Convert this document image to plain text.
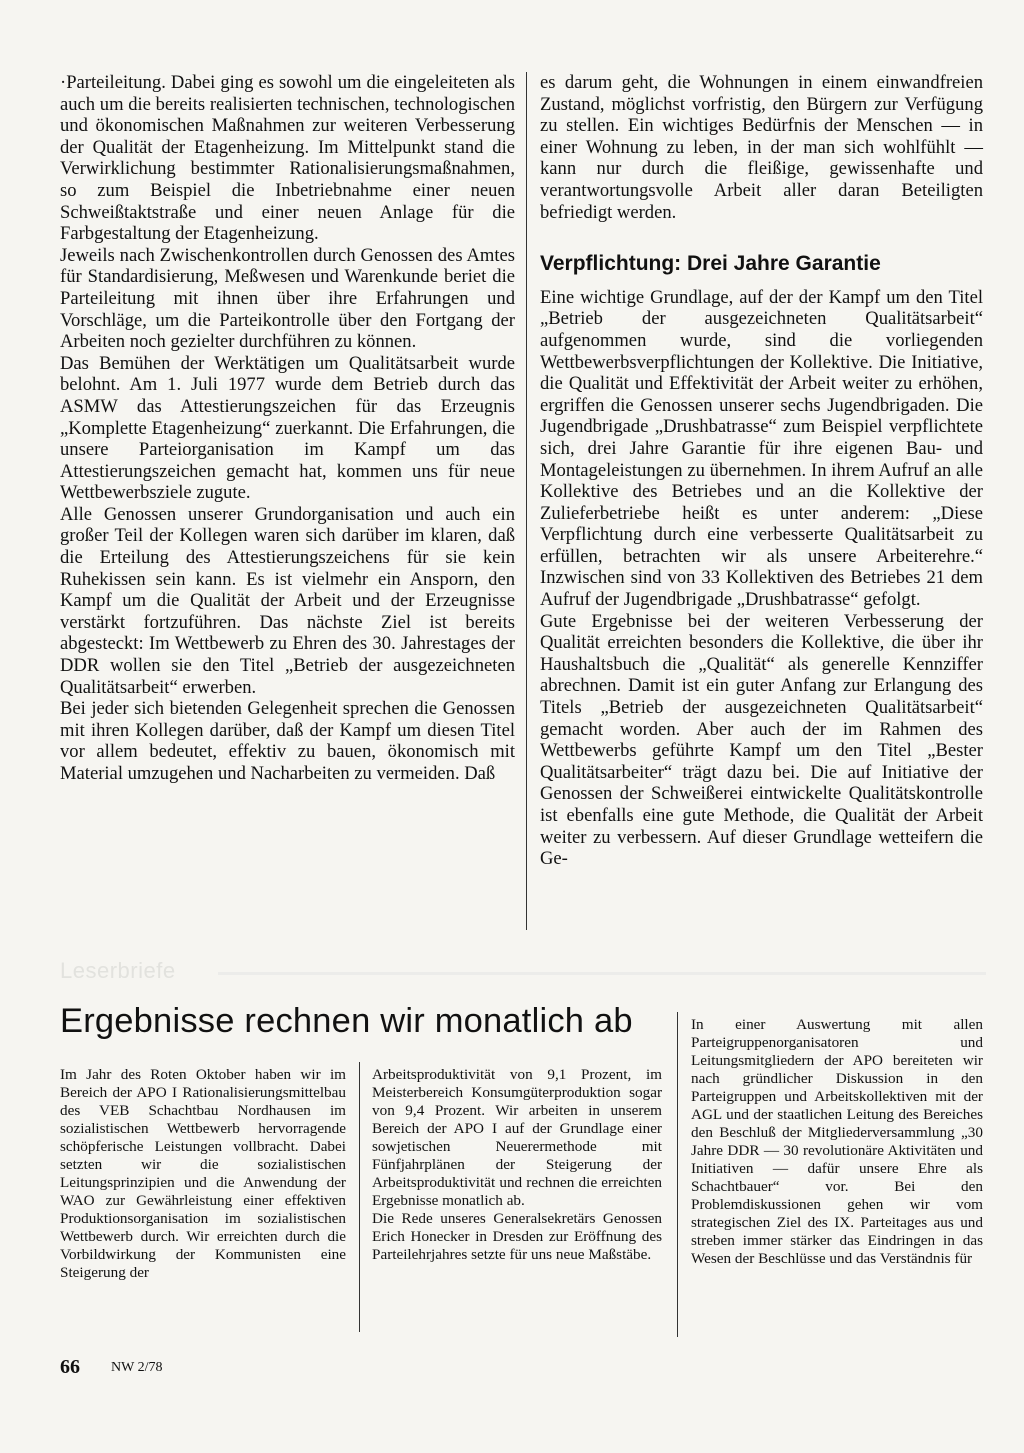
·Parteileitung. Dabei ging es sowohl um die eingeleiteten als auch um die bereits realisierten technischen, technologischen und ökonomischen Maßnahmen zur weiteren Verbesserung der Qualität der Etagenheizung. Im Mittelpunkt stand die Verwirklichung bestimmter Rationalisierungsmaßnahmen, so zum Beispiel die Inbetriebnahme einer neuen Schweißtaktstraße und einer neuen Anlage für die Farbgestaltung der Etagenheizung.

Jeweils nach Zwischenkontrollen durch Genossen des Amtes für Standardisierung, Meßwesen und Warenkunde beriet die Parteileitung mit ihnen über ihre Erfahrungen und Vorschläge, um die Parteikontrolle über den Fortgang der Arbeiten noch gezielter durchführen zu können.

Das Bemühen der Werktätigen um Qualitätsarbeit wurde belohnt. Am 1. Juli 1977 wurde dem Betrieb durch das ASMW das Attestierungszeichen für das Erzeugnis „Komplette Etagenheizung“ zuerkannt. Die Erfahrungen, die unsere Parteiorganisation im Kampf um das Attestierungszeichen gemacht hat, kommen uns für neue Wettbewerbsziele zugute.

Alle Genossen unserer Grundorganisation und auch ein großer Teil der Kollegen waren sich darüber im klaren, daß die Erteilung des Attestierungszeichens für sie kein Ruhekissen sein kann. Es ist vielmehr ein Ansporn, den Kampf um die Qualität der Arbeit und der Erzeugnisse verstärkt fortzuführen. Das nächste Ziel ist bereits abgesteckt: Im Wettbewerb zu Ehren des 30. Jahrestages der DDR wollen sie den Titel „Betrieb der ausgezeichneten Qualitätsarbeit“ erwerben.

Bei jeder sich bietenden Gelegenheit sprechen die Genossen mit ihren Kollegen darüber, daß der Kampf um diesen Titel vor allem bedeutet, effektiv zu bauen, ökonomisch mit Material umzugehen und Nacharbeiten zu vermeiden. Daß

es darum geht, die Wohnungen in einem einwandfreien Zustand, möglichst vorfristig, den Bürgern zur Verfügung zu stellen. Ein wichtiges Bedürfnis der Menschen — in einer Wohnung zu leben, in der man sich wohlfühlt — kann nur durch die fleißige, gewissenhafte und verantwortungsvolle Arbeit aller daran Beteiligten befriedigt werden.

Verpflichtung: Drei Jahre Garantie

Eine wichtige Grundlage, auf der der Kampf um den Titel „Betrieb der ausgezeichneten Qualitätsarbeit“ aufgenommen wurde, sind die vorliegenden Wettbewerbsverpflichtungen der Kollektive. Die Initiative, die Qualität und Effektivität der Arbeit weiter zu erhöhen, ergriffen die Genossen unserer sechs Jugendbrigaden. Die Jugendbrigade „Drushbatrasse“ zum Beispiel verpflichtete sich, drei Jahre Garantie für ihre eigenen Bau- und Montageleistungen zu übernehmen. In ihrem Aufruf an alle Kollektive des Betriebes und an die Kollektive der Zulieferbetriebe heißt es unter anderem: „Diese Verpflichtung durch eine verbesserte Qualitätsarbeit zu erfüllen, betrachten wir als unsere Arbeiterehre.“ Inzwischen sind von 33 Kollektiven des Betriebes 21 dem Aufruf der Jugendbrigade „Drushbatrasse“ gefolgt.

Gute Ergebnisse bei der weiteren Verbesserung der Qualität erreichten besonders die Kollektive, die über ihr Haushaltsbuch die „Qualität“ als generelle Kennziffer abrechnen. Damit ist ein guter Anfang zur Erlangung des Titels „Betrieb der ausgezeichneten Qualitätsarbeit“ gemacht worden. Aber auch der im Rahmen des Wettbewerbs geführte Kampf um den Titel „Bester Qualitätsarbeiter“ trägt dazu bei. Die auf Initiative der Genossen der Schweißerei eintwickelte Qualitätskontrolle ist ebenfalls eine gute Methode, die Qualität der Arbeit weiter zu verbessern. Auf dieser Grundlage wetteifern die Ge-

Leserbriefe
Ergebnisse rechnen wir monatlich ab

Im Jahr des Roten Oktober haben wir im Bereich der APO I Rationalisierungsmittelbau des VEB Schachtbau Nordhausen im sozialistischen Wettbewerb hervorragende schöpferische Leistungen vollbracht. Dabei setzten wir die sozialistischen Leitungsprinzipien und die Anwendung der WAO zur Gewährleistung einer effektiven Produktionsorganisation im sozialistischen Wettbewerb durch. Wir erreichten durch die Vorbildwirkung der Kommunisten eine Steigerung der

Arbeitsproduktivität von 9,1 Prozent, im Meisterbereich Konsumgüterproduktion sogar von 9,4 Prozent. Wir arbeiten in unserem Bereich der APO I auf der Grundlage einer sowjetischen Neuerermethode mit Fünfjahrplänen der Steigerung der Arbeitsproduktivität und rechnen die erreichten Ergebnisse monatlich ab.

Die Rede unseres Generalsekretärs Genossen Erich Honecker in Dresden zur Eröffnung des Parteilehrjahres setzte für uns neue Maßstäbe.

In einer Auswertung mit allen Parteigruppenorganisatoren und Leitungsmitgliedern der APO bereiteten wir nach gründlicher Diskussion in den Parteigruppen und Arbeitskollektiven mit der AGL und der staatlichen Leitung des Bereiches den Beschluß der Mitgliederversammlung „30 Jahre DDR — 30 revolutionäre Aktivitäten und Initiativen — dafür unsere Ehre als Schachtbauer“ vor. Bei den Problemdiskussionen gehen wir vom strategischen Ziel des IX. Parteitages aus und streben immer stärker das Eindringen in das Wesen der Beschlüsse und das Verständnis für

66 NW 2/78
